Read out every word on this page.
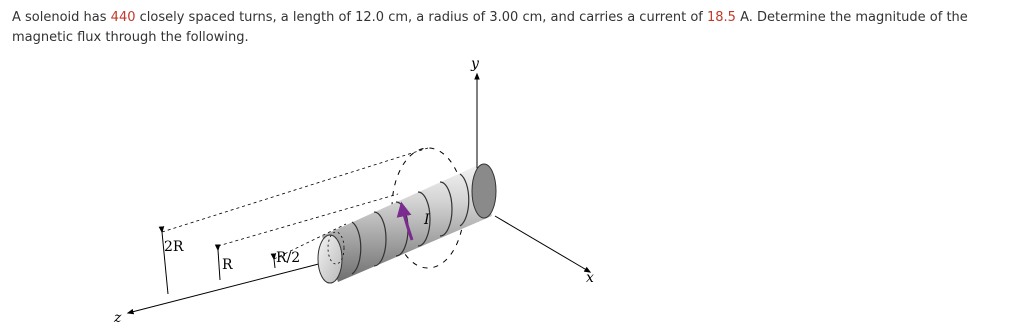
A solenoid has 440 closely spaced turns, a length of 12.0 cm, a radius of 3.00 cm, and carries a current of 18.5 A. Determine the magnitude of the magnetic flux through the following.
y
x
z
I
2R
R	R/2
